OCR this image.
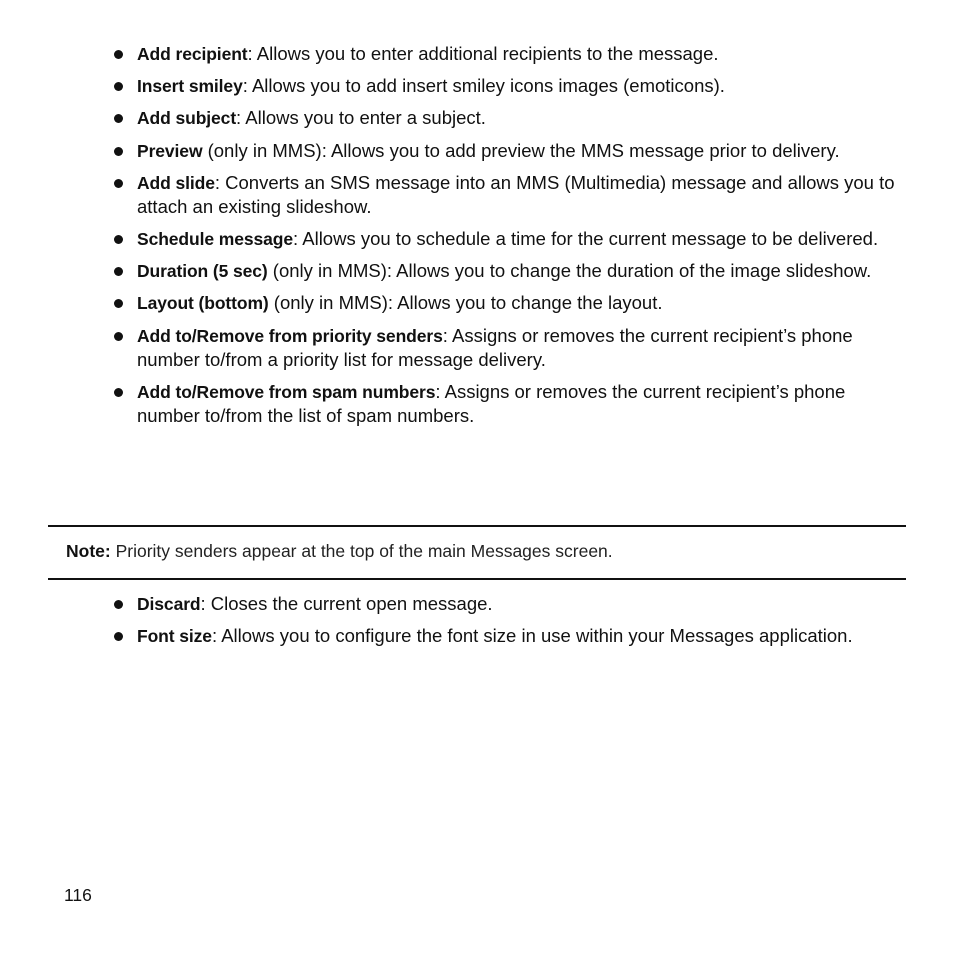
Add recipient: Allows you to enter additional recipients to the message.
Insert smiley: Allows you to add insert smiley icons images (emoticons).
Add subject: Allows you to enter a subject.
Preview (only in MMS): Allows you to add preview the MMS message prior to delivery.
Add slide: Converts an SMS message into an MMS (Multimedia) message and allows you to attach an existing slideshow.
Schedule message: Allows you to schedule a time for the current message to be delivered.
Duration (5 sec) (only in MMS): Allows you to change the duration of the image slideshow.
Layout (bottom) (only in MMS): Allows you to change the layout.
Add to/Remove from priority senders: Assigns or removes the current recipient’s phone number to/from a priority list for message delivery.
Add to/Remove from spam numbers: Assigns or removes the current recipient’s phone number to/from the list of spam numbers.
Note: Priority senders appear at the top of the main Messages screen.
Discard: Closes the current open message.
Font size: Allows you to configure the font size in use within your Messages application.
116
